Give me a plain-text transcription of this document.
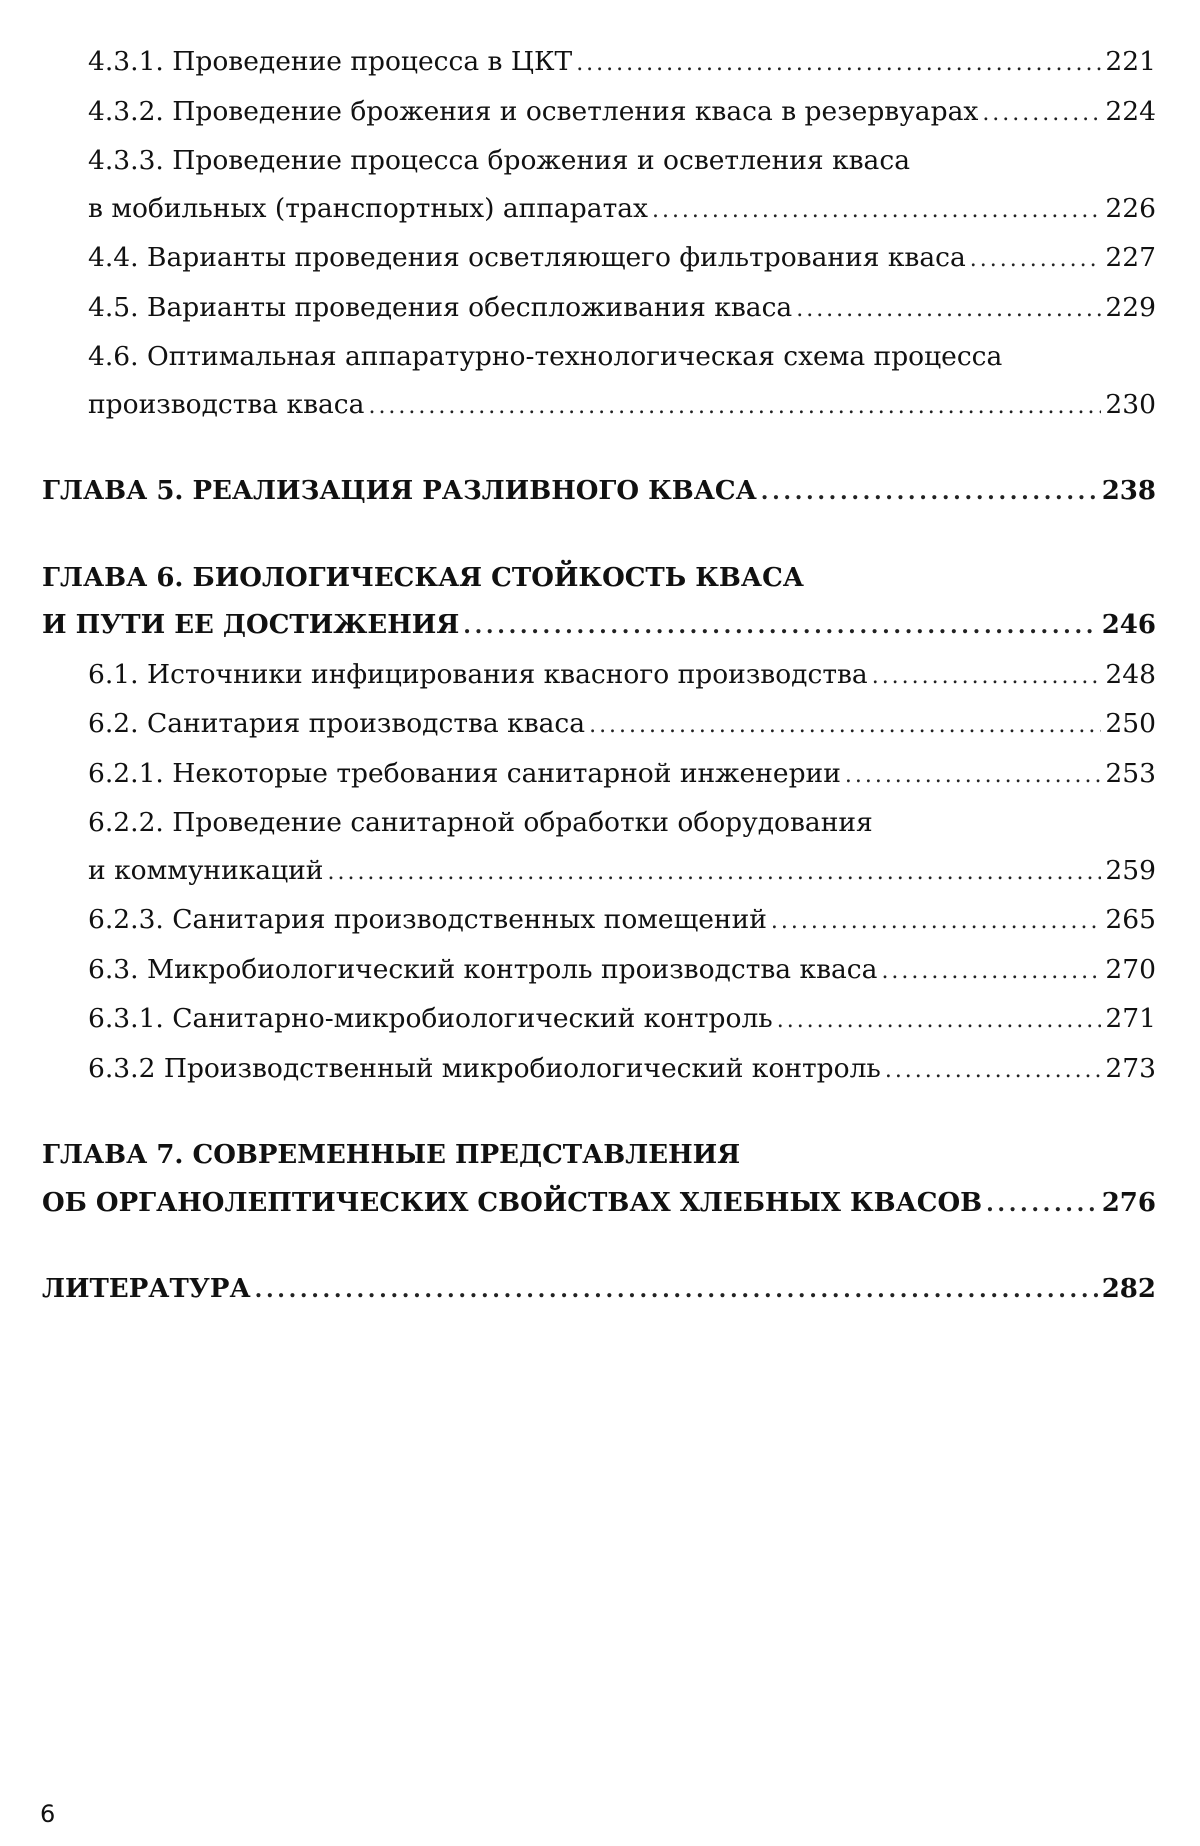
4.3.1. Проведение процесса в ЦКТ . . .	221
4.3.2. Проведение брожения и осветления кваса в резервуарах . . .	224
4.3.3. Проведение процесса брожения и осветления кваса
в мобильных (транспортных) аппаратах . . .	226
4.4. Варианты проведения осветляющего фильтрования кваса . . .	227
4.5. Варианты проведения обеспложивания кваса . . .	229
4.6. Оптимальная аппаратурно-технологическая схема процесса
производства кваса . . .	230
ГЛАВА 5. РЕАЛИЗАЦИЯ РАЗЛИВНОГО КВАСА . . .	238
ГЛАВА 6. БИОЛОГИЧЕСКАЯ СТОЙКОСТЬ КВАСА
И ПУТИ ЕЕ ДОСТИЖЕНИЯ . . .	246
6.1. Источники инфицирования квасного производства . . .	248
6.2. Санитария производства кваса . . .	250
6.2.1. Некоторые требования санитарной инженерии . . .	253
6.2.2. Проведение санитарной обработки оборудования
и коммуникаций . . .	259
6.2.3. Санитария производственных помещений . . .	265
6.3. Микробиологический контроль производства кваса . . .	270
6.3.1. Санитарно-микробиологический контроль . . .	271
6.3.2 Производственный микробиологический контроль . . .	273
ГЛАВА 7. СОВРЕМЕННЫЕ ПРЕДСТАВЛЕНИЯ
ОБ ОРГАНОЛЕПТИЧЕСКИХ СВОЙСТВАХ ХЛЕБНЫХ КВАСОВ . . .	276
ЛИТЕРАТУРА . . .	282
6
